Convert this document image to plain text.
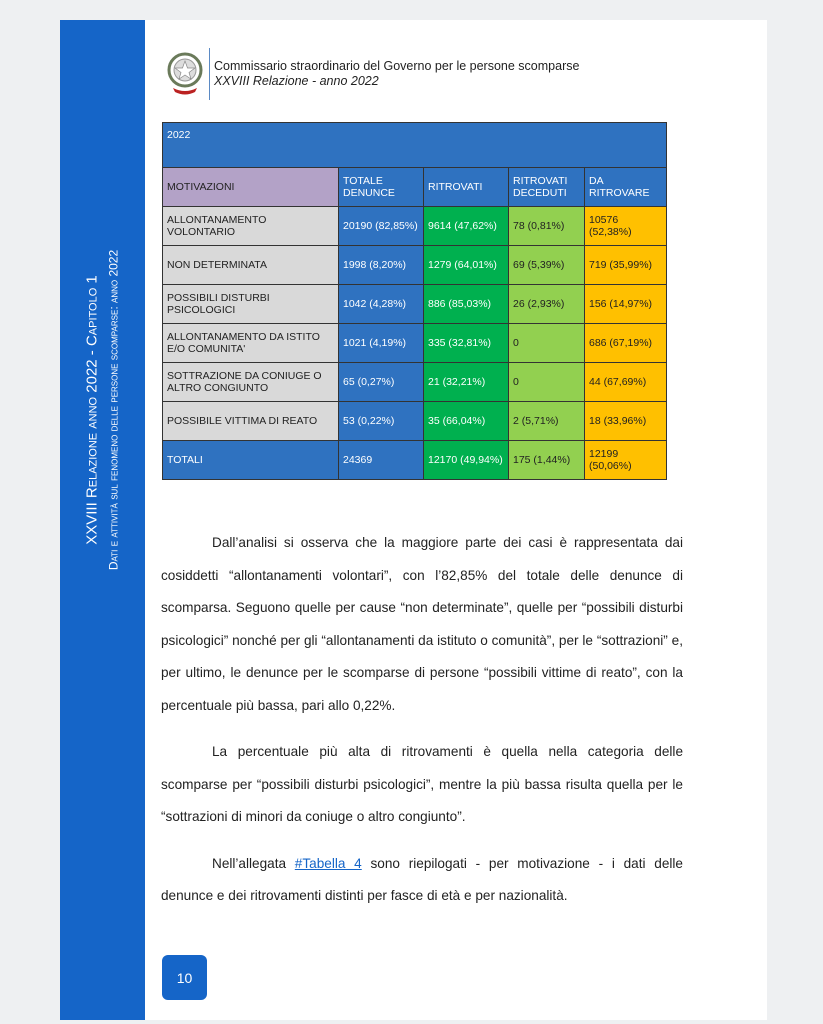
XXVIII Relazione anno 2022 - Capitolo 1 Dati e attività sul fenomeno delle persone scomparse: anno 2022
Commissario straordinario del Governo per le persone scomparse
XXVIII Relazione - anno 2022
2022				
MOTIVAZIONI	TOTALE DENUNCE	RITROVATI	RITROVATI DECEDUTI	DA RITROVARE
ALLONTANAMENTO VOLONTARIO	20190 (82,85%)	9614 (47,62%)	78 (0,81%)	10576 (52,38%)
NON DETERMINATA	1998 (8,20%)	1279 (64,01%)	69 (5,39%)	719 (35,99%)
POSSIBILI DISTURBI PSICOLOGICI	1042 (4,28%)	886 (85,03%)	26 (2,93%)	156 (14,97%)
ALLONTANAMENTO DA ISTITO E/O COMUNITA'	1021 (4,19%)	335 (32,81%)	0	686 (67,19%)
SOTTRAZIONE DA CONIUGE O ALTRO CONGIUNTO	65 (0,27%)	21 (32,21%)	0	44 (67,69%)
POSSIBILE VITTIMA DI REATO	53 (0,22%)	35 (66,04%)	2 (5,71%)	18 (33,96%)
TOTALI	24369	12170 (49,94%)	175 (1,44%)	12199 (50,06%)

Dall’analisi si osserva che la maggiore parte dei casi è rappresentata dai cosiddetti “allontanamenti volontari”, con l’82,85% del totale delle denunce di scomparsa. Seguono quelle per cause “non determinate”, quelle per “possibili disturbi psicologici” nonché per gli “allontanamenti da istituto o comunità”, per le “sottrazioni” e, per ultimo, le denunce per le scomparse di persone “possibili vittime di reato”, con la percentuale più bassa, pari allo 0,22%.

La percentuale più alta di ritrovamenti è quella nella categoria delle scomparse per “possibili disturbi psicologici”, mentre la più bassa risulta quella per le “sottrazioni di minori da coniuge o altro congiunto”.

Nell’allegata #Tabella 4 sono riepilogati - per motivazione - i dati delle denunce e dei ritrovamenti distinti per fasce di età e per nazionalità.

10
